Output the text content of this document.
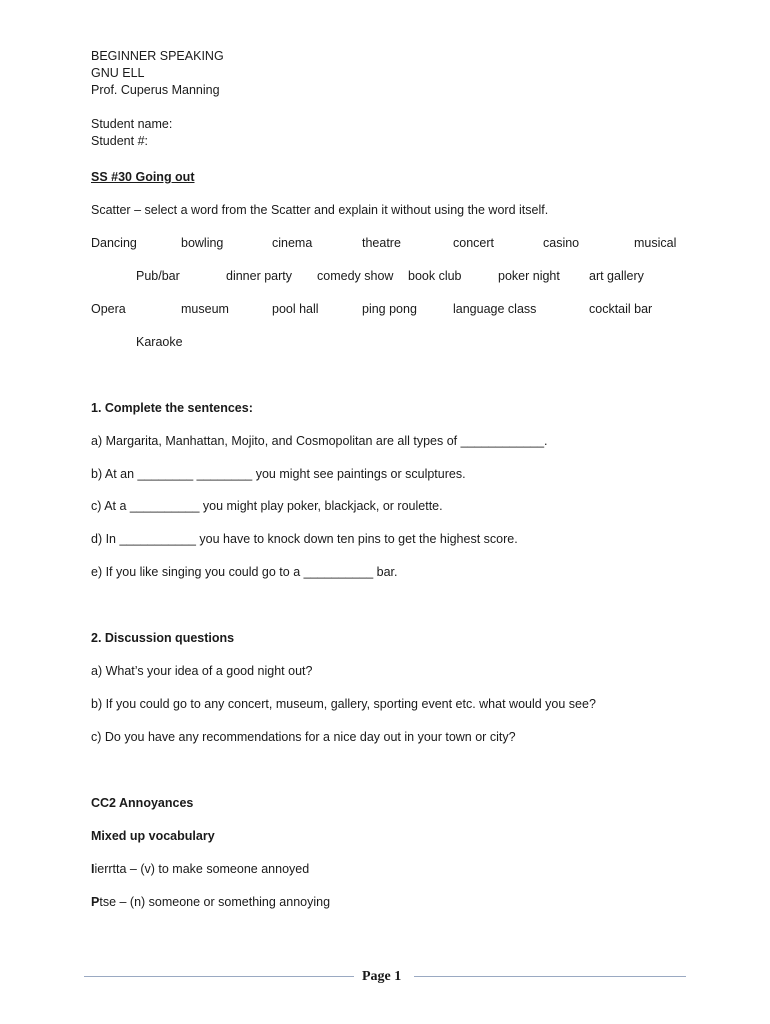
BEGINNER SPEAKING
GNU ELL
Prof. Cuperus Manning
Student name:
Student #:
SS #30 Going out
Scatter – select a word from the Scatter and explain it without using the word itself.
Dancing	bowling	cinema	theatre	concert	casino	musical
Pub/bar	dinner party comedy show book club	poker night art gallery
Opera	museum	pool hall	ping pong	language class	cocktail bar
Karaoke
1. Complete the sentences:
a) Margarita, Manhattan, Mojito, and Cosmopolitan are all types of ____________.
b) At an ________ ________ you might see paintings or sculptures.
c) At a __________ you might play poker, blackjack, or roulette.
d) In ___________ you have to knock down ten pins to get the highest score.
e) If you like singing you could go to a __________ bar.
2. Discussion questions
a) What’s your idea of a good night out?
b) If you could go to any concert, museum, gallery, sporting event etc. what would you see?
c) Do you have any recommendations for a nice day out in your town or city?
CC2 Annoyances
Mixed up vocabulary
Iierrtta – (v) to make someone annoyed
Ptse – (n) someone or something annoying
Page 1
